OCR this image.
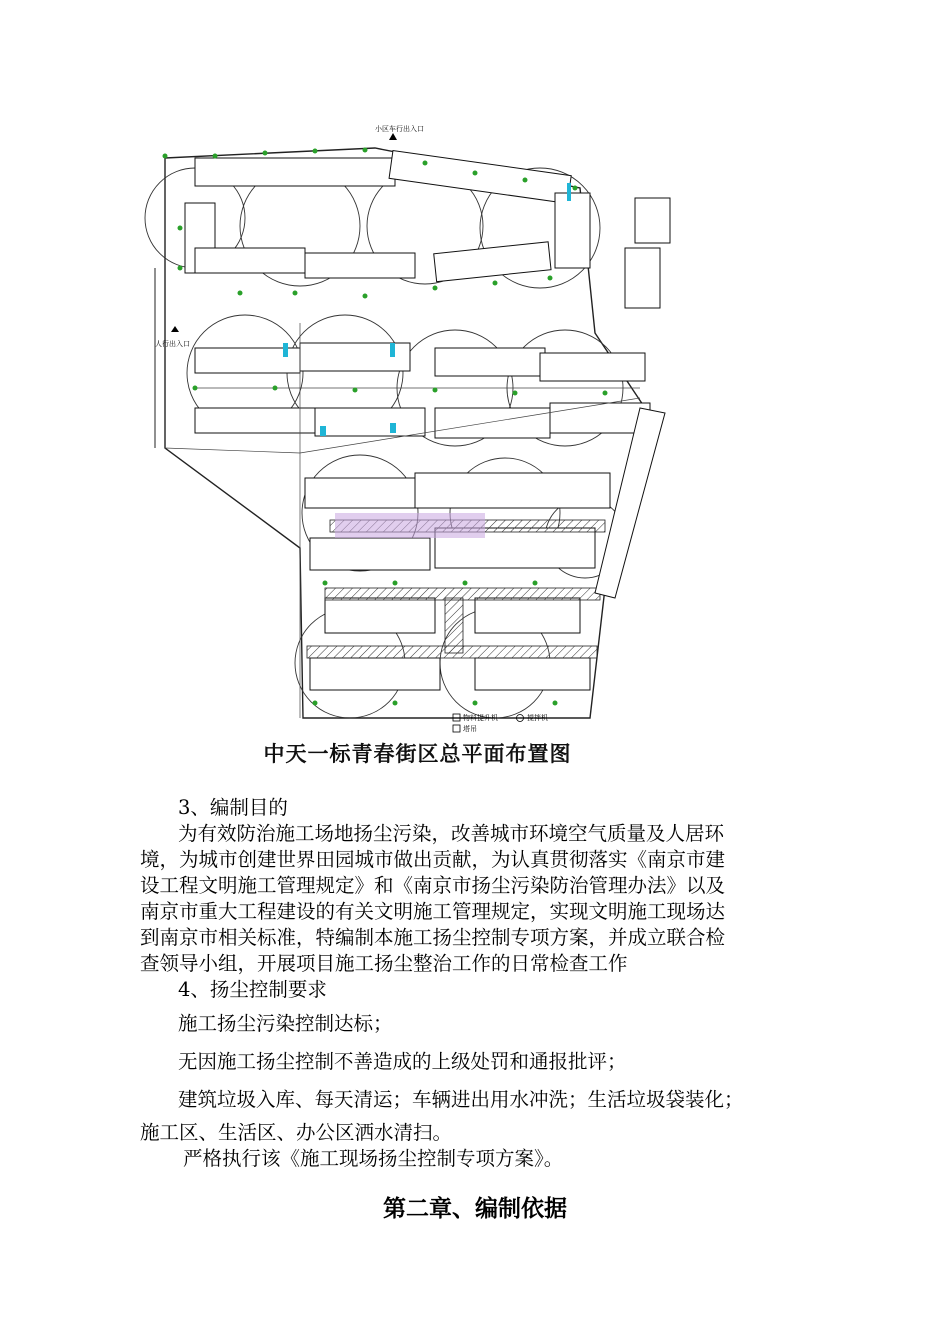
小区车行出入口
人行出入口
物料提升机	搅拌机
塔吊
中天一标青春街区总平面布置图
3、编制目的
为有效防治施工场地扬尘污染，改善城市环境空气质量及人居环
境，为城市创建世界田园城市做出贡献，为认真贯彻落实《南京市建
设工程文明施工管理规定》和《南京市扬尘污染防治管理办法》以及
南京市重大工程建设的有关文明施工管理规定，实现文明施工现场达
到南京市相关标准，特编制本施工扬尘控制专项方案，并成立联合检
查领导小组，开展项目施工扬尘整治工作的日常检查工作
4、扬尘控制要求
施工扬尘污染控制达标；
无因施工扬尘控制不善造成的上级处罚和通报批评；
建筑垃圾入库、每天清运；车辆进出用水冲洗；生活垃圾袋装化；
施工区、生活区、办公区洒水清扫。
严格执行该《施工现场扬尘控制专项方案》。
第二章、编制依据
